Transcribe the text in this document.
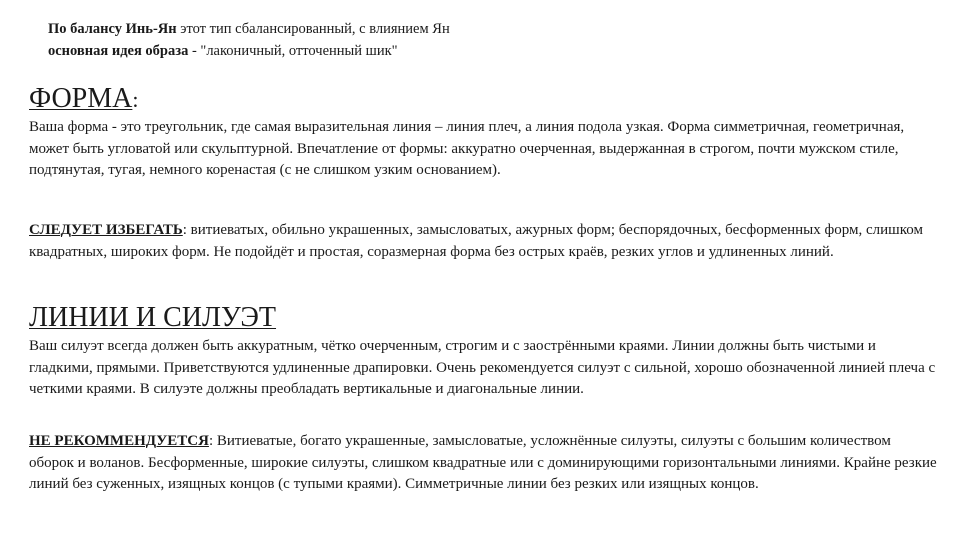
По балансу Инь-Ян этот тип сбалансированный, с влиянием Ян
основная идея образа - "лаконичный, отточенный шик"
ФОРМА:
Ваша форма - это треугольник, где самая выразительная линия – линия плеч, а линия подола узкая. Форма симметричная, геометричная, может быть угловатой или скульптурной. Впечатление от формы: аккуратно очерченная, выдержанная в строгом, почти мужском стиле, подтянутая, тугая, немного коренастая (с не слишком узким основанием).
СЛЕДУЕТ ИЗБЕГАТЬ: витиеватых, обильно украшенных, замысловатых, ажурных форм; беспорядочных, бесформенных форм, слишком квадратных, широких форм. Не подойдёт и простая, соразмерная форма без острых краёв, резких углов и удлиненных линий.
ЛИНИИ И СИЛУЭТ
Ваш силуэт всегда должен быть аккуратным, чётко очерченным, строгим и с заострёнными краями. Линии должны быть чистыми и гладкими, прямыми. Приветствуются удлиненные драпировки. Очень рекомендуется силуэт с сильной, хорошо обозначенной линией плеча с четкими краями. В силуэте должны преобладать вертикальные и диагональные линии.
НЕ РЕКОММЕНДУЕТСЯ: Витиеватые, богато украшенные, замысловатые, усложнённые силуэты, силуэты с большим количеством оборок и воланов. Бесформенные, широкие силуэты, слишком квадратные или с доминирующими горизонтальными линиями. Крайне резкие линий без суженных, изящных концов (с тупыми краями). Симметричные линии без резких или изящных концов.
